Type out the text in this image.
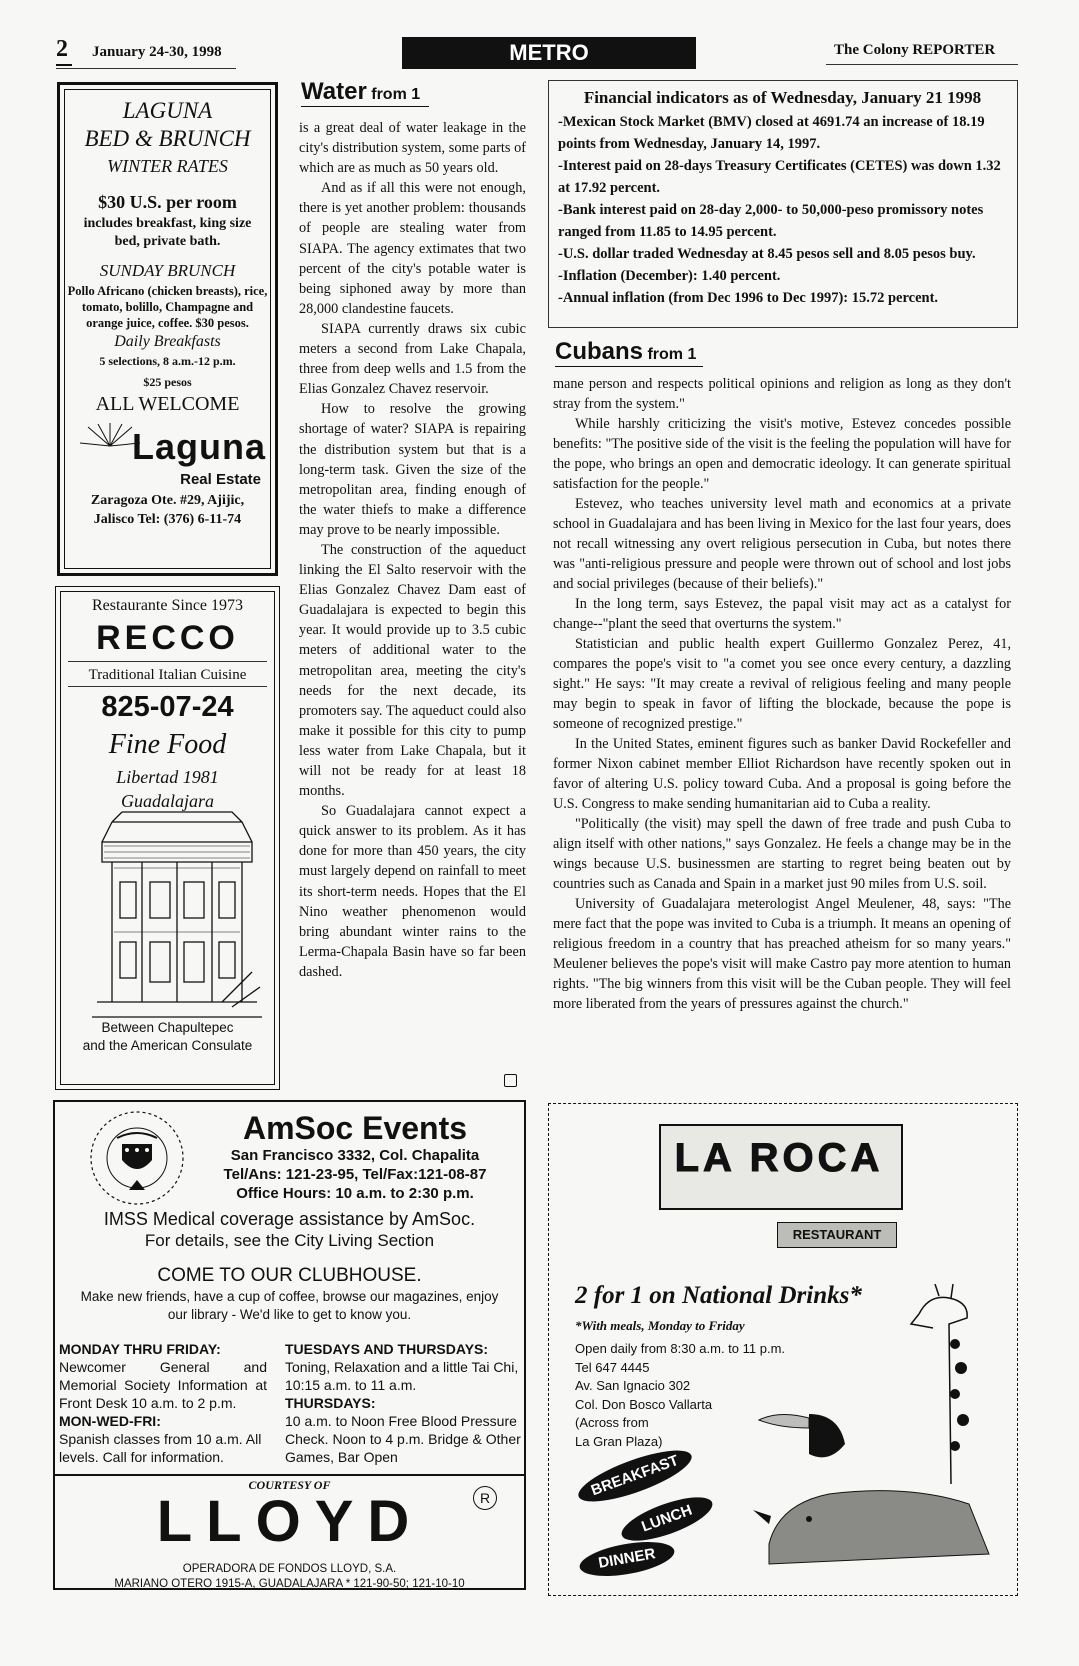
2 January 24-30, 1998	METRO	The Colony REPORTER
LAGUNA
BED & BRUNCH
WINTER RATES
$30 U.S. per room
includes breakfast, king size bed, private bath.
SUNDAY BRUNCH
Pollo Africano (chicken breasts), rice, tomato, bolillo, Champagne and orange juice, coffee. $30 pesos.
Daily Breakfasts
5 selections, 8 a.m.-12 p.m.
$25 pesos
ALL WELCOME
Laguna
Real Estate
Zaragoza Ote. #29, Ajijic,
Jalisco Tel: (376) 6-11-74
Restaurante Since 1973
RECCO
Traditional Italian Cuisine
825-07-24
Fine Food
Libertad 1981
Guadalajara
Between Chapultepec
and the American Consulate
Water from 1

is a great deal of water leakage in the city's distribution system, some parts of which are as much as 50 years old.

And as if all this were not enough, there is yet another problem: thousands of people are stealing water from SIAPA. The agency extimates that two percent of the city's potable water is being siphoned away by more than 28,000 clandestine faucets.

SIAPA currently draws six cubic meters a second from Lake Chapala, three from deep wells and 1.5 from the Elias Gonzalez Chavez reservoir.

How to resolve the growing shortage of water? SIAPA is repairing the distribution system but that is a long-term task. Given the size of the metropolitan area, finding enough of the water thiefs to make a difference may prove to be nearly impossible.

The construction of the aqueduct linking the El Salto reservoir with the Elias Gonzalez Chavez Dam east of Guadalajara is expected to begin this year. It would provide up to 3.5 cubic meters of additional water to the metropolitan area, meeting the city's needs for the next decade, its promoters say. The aqueduct could also make it possible for this city to pump less water from Lake Chapala, but it will not be ready for at least 18 months.

So Guadalajara cannot expect a quick answer to its problem. As it has done for more than 450 years, the city must largely depend on rainfall to meet its short-term needs. Hopes that the El Nino weather phenomenon would bring abundant winter rains to the Lerma-Chapala Basin have so far been dashed.

Financial indicators as of Wednesday, January 21 1998

-Mexican Stock Market (BMV) closed at 4691.74 an increase of 18.19 points from Wednesday, January 14, 1997.

-Interest paid on 28-days Treasury Certificates (CETES) was down 1.32 at 17.92 percent.

-Bank interest paid on 28-day 2,000- to 50,000-peso promissory notes ranged from 11.85 to 14.95 percent.

-U.S. dollar traded Wednesday at 8.45 pesos sell and 8.05 pesos buy.

-Inflation (December): 1.40 percent.

-Annual inflation (from Dec 1996 to Dec 1997): 15.72 percent.

Cubans from 1

mane person and respects political opinions and religion as long as they don't stray from the system."

While harshly criticizing the visit's motive, Estevez concedes possible benefits: "The positive side of the visit is the feeling the population will have for the pope, who brings an open and democratic ideology. It can generate spiritual satisfaction for the people."

Estevez, who teaches university level math and economics at a private school in Guadalajara and has been living in Mexico for the last four years, does not recall witnessing any overt religious persecution in Cuba, but notes there was "anti-religious pressure and people were thrown out of school and lost jobs and social privileges (because of their beliefs)."

In the long term, says Estevez, the papal visit may act as a catalyst for change--"plant the seed that overturns the system."

Statistician and public health expert Guillermo Gonzalez Perez, 41, compares the pope's visit to "a comet you see once every century, a dazzling sight." He says: "It may create a revival of religious feeling and many people may begin to speak in favor of lifting the blockade, because the pope is someone of recognized prestige."

In the United States, eminent figures such as banker David Rockefeller and former Nixon cabinet member Elliot Richardson have recently spoken out in favor of altering U.S. policy toward Cuba. And a proposal is going before the U.S. Congress to make sending humanitarian aid to Cuba a reality.

"Politically (the visit) may spell the dawn of free trade and push Cuba to align itself with other nations," says Gonzalez. He feels a change may be in the wings because U.S. businessmen are starting to regret being beaten out by countries such as Canada and Spain in a market just 90 miles from U.S. soil.

University of Guadalajara meterologist Angel Meulener, 48, says: "The mere fact that the pope was invited to Cuba is a triumph. It means an opening of religious freedom in a country that has preached atheism for so many years." Meulener believes the pope's visit will make Castro pay more atention to human rights. "The big winners from this visit will be the Cuban people. They will feel more liberated from the years of pressures against the church."

AmSoc Events
San Francisco 3332, Col. Chapalita
Tel/Ans: 121-23-95, Tel/Fax:121-08-87
Office Hours: 10 a.m. to 2:30 p.m.
IMSS Medical coverage assistance by AmSoc.
For details, see the City Living Section
COME TO OUR CLUBHOUSE.
Make new friends, have a cup of coffee, browse our magazines, enjoy our library - We'd like to get to know you.
MONDAY THRU FRIDAY:
Newcomer General and Memorial Society Information at Front Desk 10 a.m. to 2 p.m.
MON-WED-FRI:
Spanish classes from 10 a.m. All levels. Call for information.
TUESDAYS AND THURSDAYS:
Toning, Relaxation and a little Tai Chi, 10:15 a.m. to 11 a.m.
THURSDAYS:
10 a.m. to Noon Free Blood Pressure Check. Noon to 4 p.m. Bridge & Other Games, Bar Open
COURTESY OF
LLOYD	R
OPERADORA DE FONDOS LLOYD, S.A.
MARIANO OTERO 1915-A, GUADALAJARA * 121-90-50; 121-10-10
LA ROCA
RESTAURANT
2 for 1 on National Drinks*
*With meals, Monday to Friday
Open daily from 8:30 a.m. to 11 p.m.
Tel 647 4445
Av. San Ignacio 302
Col. Don Bosco Vallarta
(Across from
La Gran Plaza)
BREAKFAST
LUNCH
DINNER
